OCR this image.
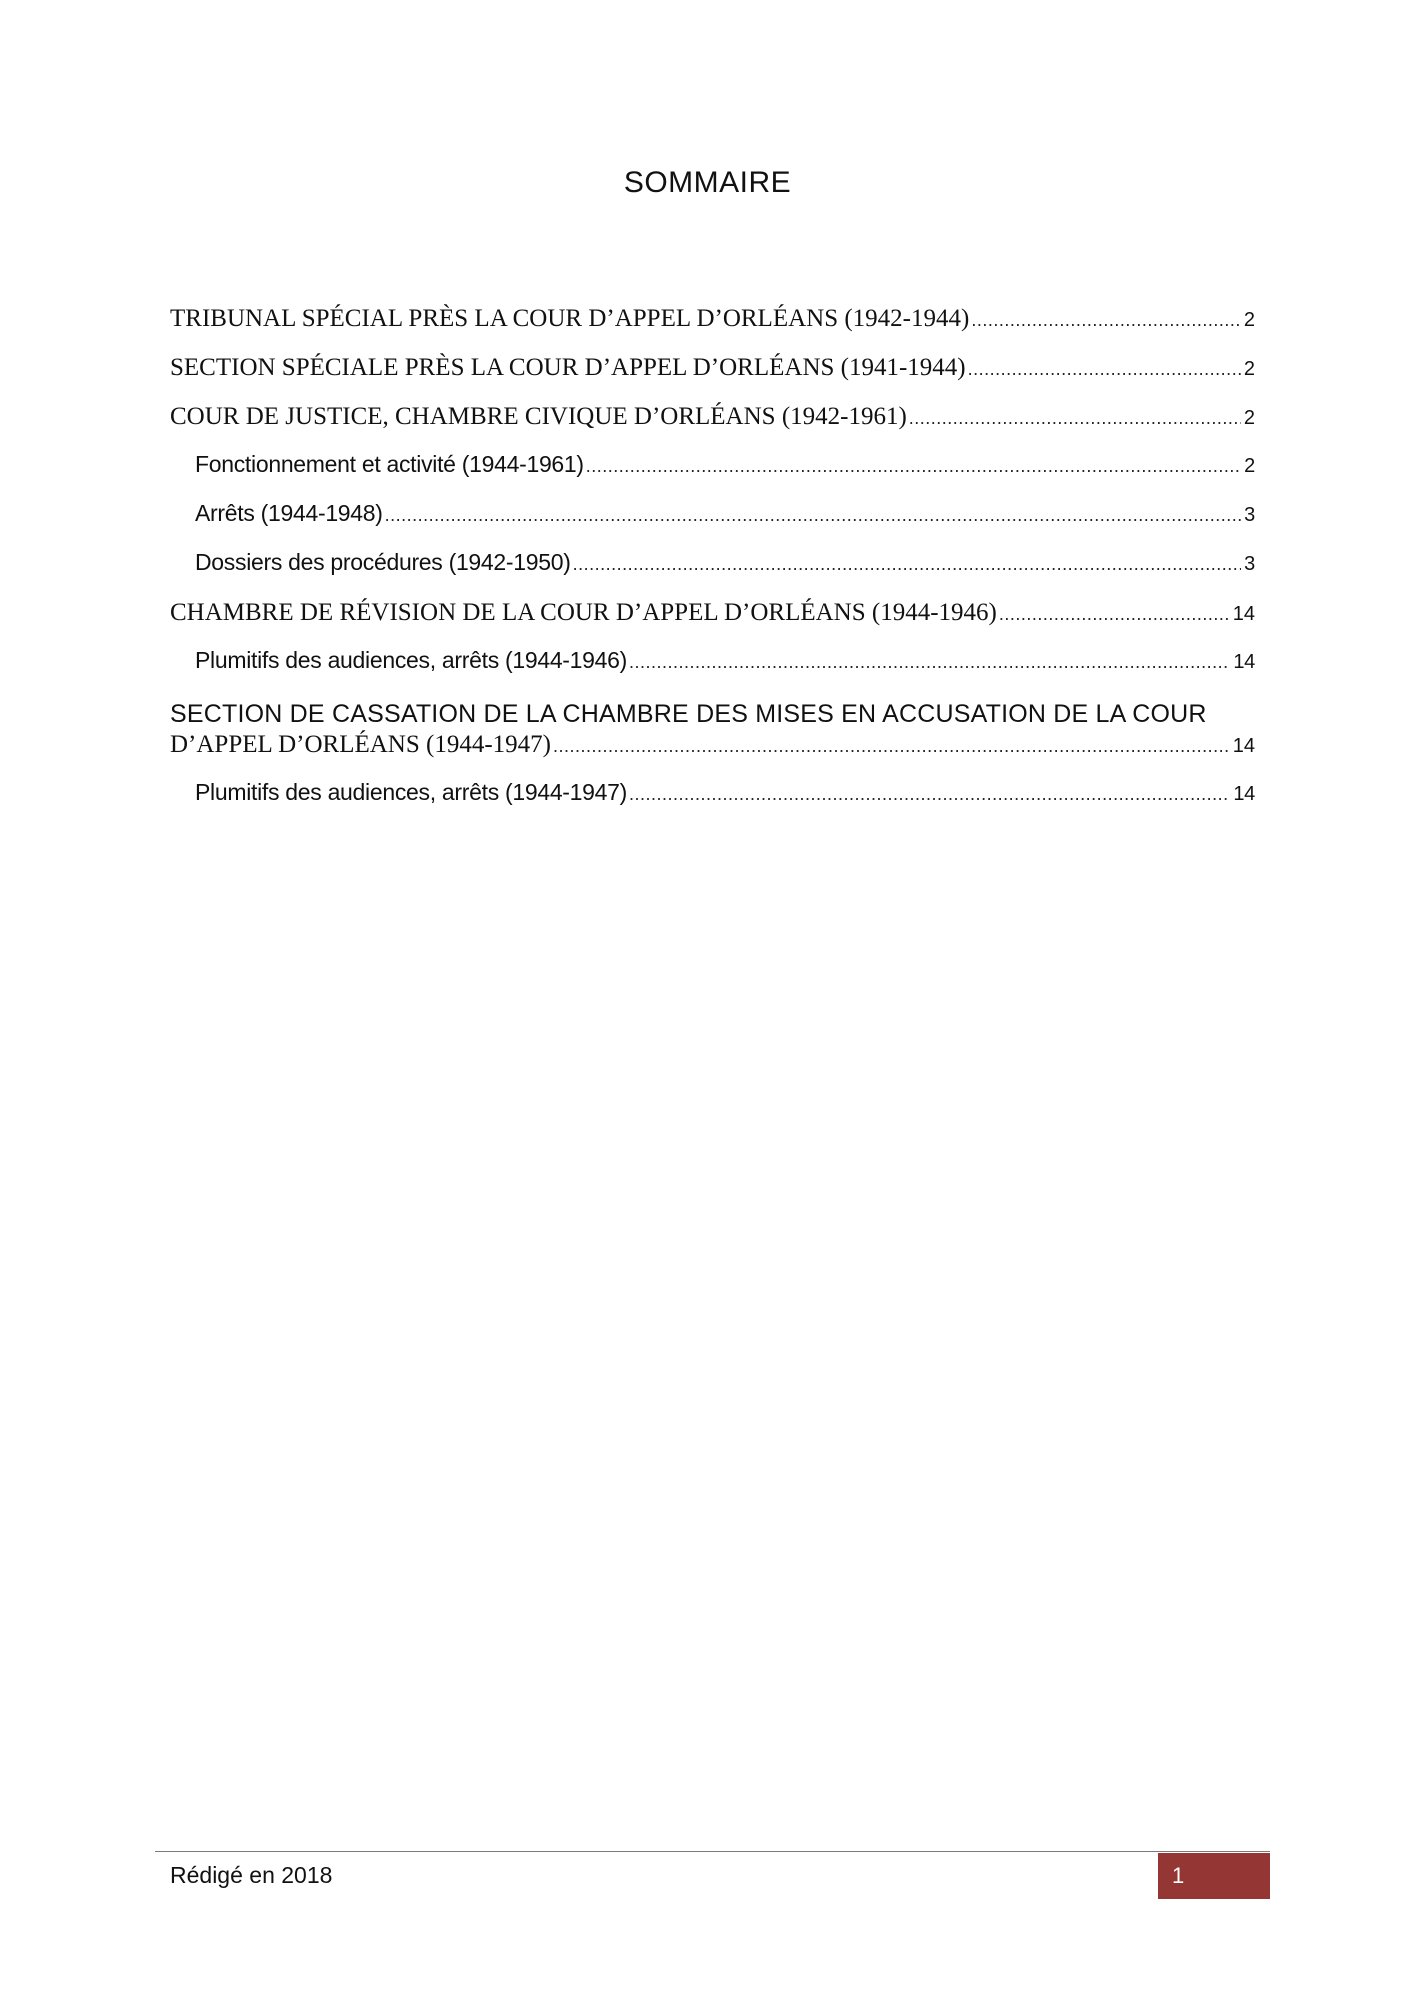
SOMMAIRE
TRIBUNAL SPÉCIAL PRÈS LA COUR D’APPEL D’ORLÉANS (1942-1944) .....	2
SECTION SPÉCIALE PRÈS LA COUR D’APPEL D’ORLÉANS (1941-1944) .....	2
COUR DE JUSTICE, CHAMBRE CIVIQUE D’ORLÉANS (1942-1961) .....	2
Fonctionnement et activité (1944-1961) .....	2
Arrêts (1944-1948) .....	3
Dossiers des procédures (1942-1950) .....	3
CHAMBRE DE RÉVISION DE LA COUR D’APPEL D’ORLÉANS (1944-1946) .....	14
Plumitifs des audiences, arrêts (1944-1946) .....	14
SECTION DE CASSATION DE LA CHAMBRE DES MISES EN ACCUSATION DE LA COUR
D’APPEL D’ORLÉANS (1944-1947) .....	14
Plumitifs des audiences, arrêts (1944-1947) .....	14
Rédigé en 2018	1
